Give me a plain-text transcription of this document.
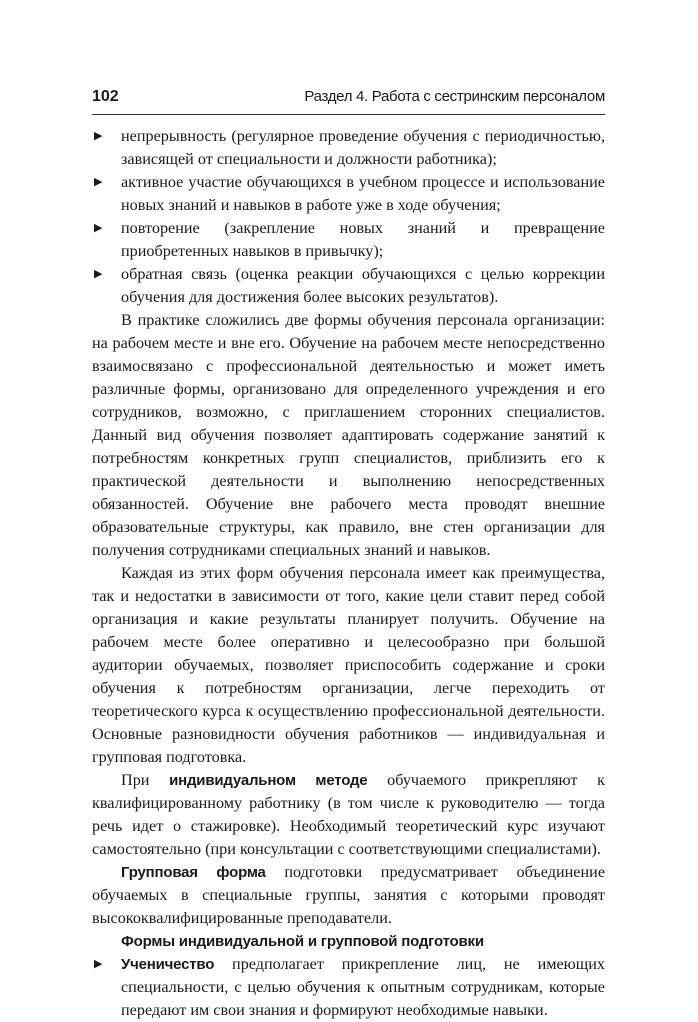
102	Раздел 4. Работа с сестринским персоналом
▶ непрерывность (регулярное проведение обучения с периодичностью, зависящей от специальности и должности работника);
▶ активное участие обучающихся в учебном процессе и использование новых знаний и навыков в работе уже в ходе обучения;
▶ повторение (закрепление новых знаний и превращение приобретенных навыков в привычку);
▶ обратная связь (оценка реакции обучающихся с целью коррекции обучения для достижения более высоких результатов).

В практике сложились две формы обучения персонала организации: на рабочем месте и вне его. Обучение на рабочем месте непосредственно взаимосвязано с профессиональной деятельностью и может иметь различные формы, организовано для определенного учреждения и его сотрудников, возможно, с приглашением сторонних специалистов. Данный вид обучения позволяет адаптировать содержание занятий к потребностям конкретных групп специалистов, приблизить его к практической деятельности и выполнению непосредственных обязанностей. Обучение вне рабочего места проводят внешние образовательные структуры, как правило, вне стен организации для получения сотрудниками специальных знаний и навыков.

Каждая из этих форм обучения персонала имеет как преимущества, так и недостатки в зависимости от того, какие цели ставит перед собой организация и какие результаты планирует получить. Обучение на рабочем месте более оперативно и целесообразно при большой аудитории обучаемых, позволяет приспособить содержание и сроки обучения к потребностям организации, легче переходить от теоретического курса к осуществлению профессиональной деятельности. Основные разновидности обучения работников — индивидуальная и групповая подготовка.

При индивидуальном методе обучаемого прикрепляют к квалифицированному работнику (в том числе к руководителю — тогда речь идет о стажировке). Необходимый теоретический курс изучают самостоятельно (при консультации с соответствующими специалистами).

Групповая форма подготовки предусматривает объединение обучаемых в специальные группы, занятия с которыми проводят высококвалифицированные преподаватели.

Формы индивидуальной и групповой подготовки
▶ Ученичество предполагает прикрепление лиц, не имеющих специальности, с целью обучения к опытным сотрудникам, которые передают им свои знания и формируют необходимые навыки.
